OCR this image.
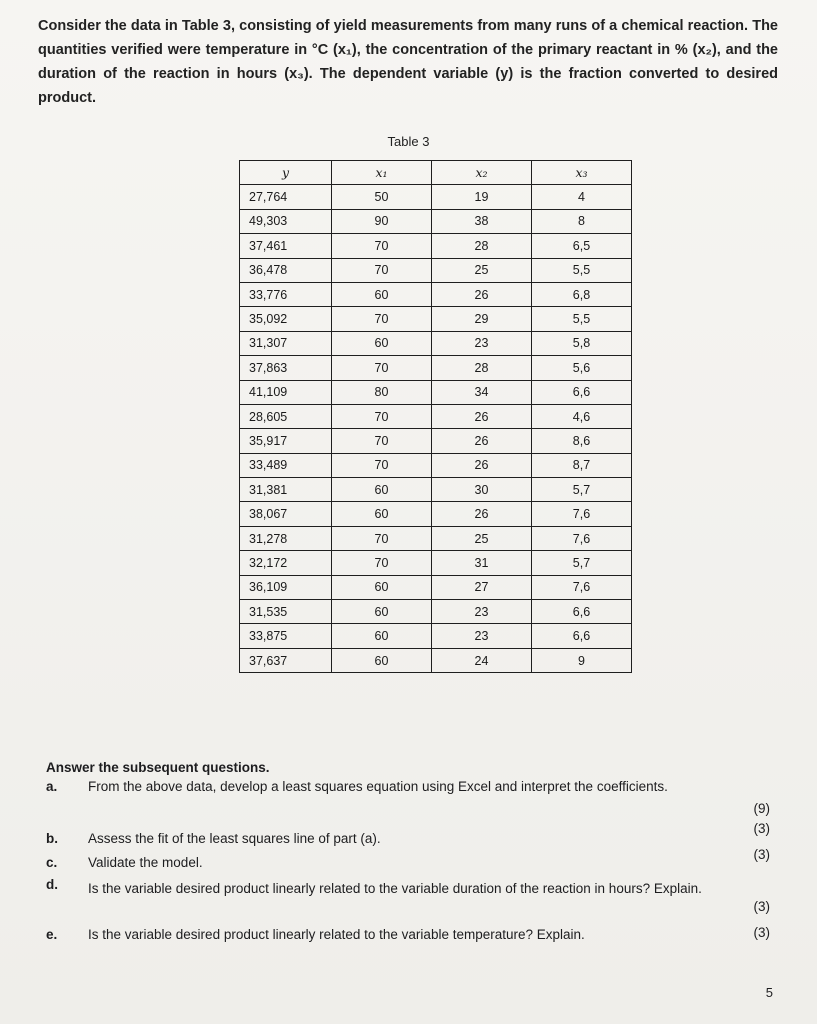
Consider the data in Table 3, consisting of yield measurements from many runs of a chemical reaction. The quantities verified were temperature in °C (x₁), the concentration of the primary reactant in % (x₂), and the duration of the reaction in hours (x₃). The dependent variable (y) is the fraction converted to desired product.
Table 3
y	x₁	x₂	x₃
27,764	50	19	4
49,303	90	38	8
37,461	70	28	6,5
36,478	70	25	5,5
33,776	60	26	6,8
35,092	70	29	5,5
31,307	60	23	5,8
37,863	70	28	5,6
41,109	80	34	6,6
28,605	70	26	4,6
35,917	70	26	8,6
33,489	70	26	8,7
31,381	60	30	5,7
38,067	60	26	7,6
31,278	70	25	7,6
32,172	70	31	5,7
36,109	60	27	7,6
31,535	60	23	6,6
33,875	60	23	6,6
37,637	60	24	9
Answer the subsequent questions.
a. From the above data, develop a least squares equation using Excel and interpret the coefficients.
(9)
b. Assess the fit of the least squares line of part (a).
(3)
c. Validate the model.
(3)
d. Is the variable desired product linearly related to the variable duration of the reaction in hours? Explain.
(3)
e. Is the variable desired product linearly related to the variable temperature? Explain.	(3)
5
